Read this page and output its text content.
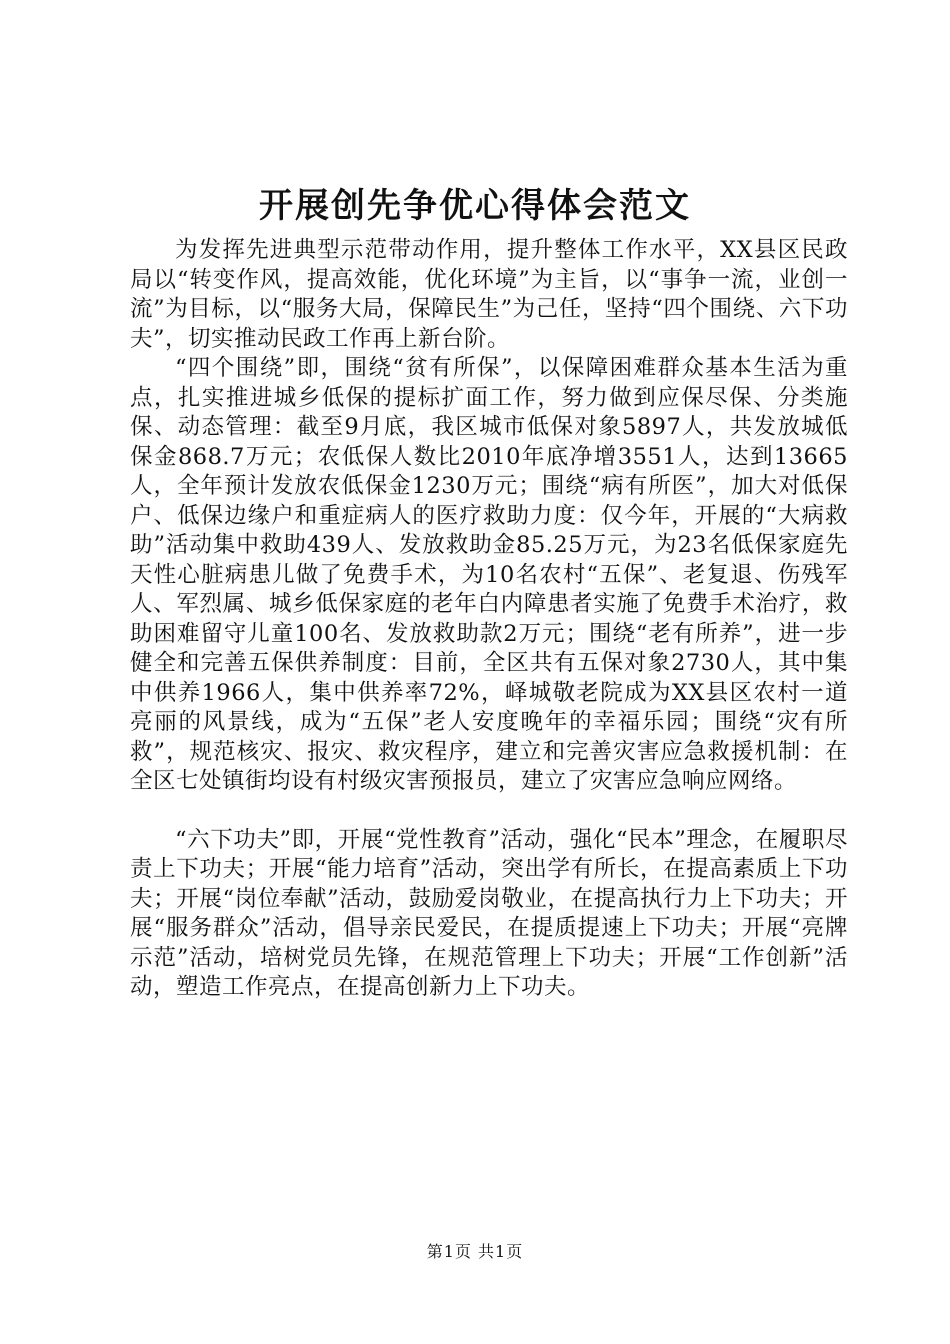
开展创先争优心得体会范文

为发挥先进典型示范带动作用，提升整体工作水平，XX县区民政局以“转变作风，提高效能，优化环境”为主旨，以“事争一流，业创一流”为目标，以“服务大局，保障民生”为己任，坚持“四个围绕、六下功夫”，切实推动民政工作再上新台阶。

“四个围绕”即，围绕“贫有所保”，以保障困难群众基本生活为重点，扎实推进城乡低保的提标扩面工作，努力做到应保尽保、分类施保、动态管理：截至9月底，我区城市低保对象5897人，共发放城低保金868.7万元；农低保人数比2010年底净增3551人，达到13665人，全年预计发放农低保金1230万元；围绕“病有所医”，加大对低保户、低保边缘户和重症病人的医疗救助力度：仅今年，开展的“大病救助”活动集中救助439人、发放救助金85.25万元，为23名低保家庭先天性心脏病患儿做了免费手术，为10名农村“五保”、老复退、伤残军人、军烈属、城乡低保家庭的老年白内障患者实施了免费手术治疗，救助困难留守儿童100名、发放救助款2万元；围绕“老有所养”，进一步健全和完善五保供养制度：目前，全区共有五保对象2730人，其中集中供养1966人，集中供养率72%，峄城敬老院成为XX县区农村一道亮丽的风景线，成为“五保”老人安度晚年的幸福乐园；围绕“灾有所救”，规范核灾、报灾、救灾程序，建立和完善灾害应急救援机制：在全区七处镇街均设有村级灾害预报员，建立了灾害应急响应网络。

“六下功夫”即，开展“党性教育”活动，强化“民本”理念，在履职尽责上下功夫；开展“能力培育”活动，突出学有所长，在提高素质上下功夫；开展“岗位奉献”活动，鼓励爱岗敬业，在提高执行力上下功夫；开展“服务群众”活动，倡导亲民爱民，在提质提速上下功夫；开展“亮牌示范”活动，培树党员先锋，在规范管理上下功夫；开展“工作创新”活动，塑造工作亮点，在提高创新力上下功夫。

第1页 共1页
